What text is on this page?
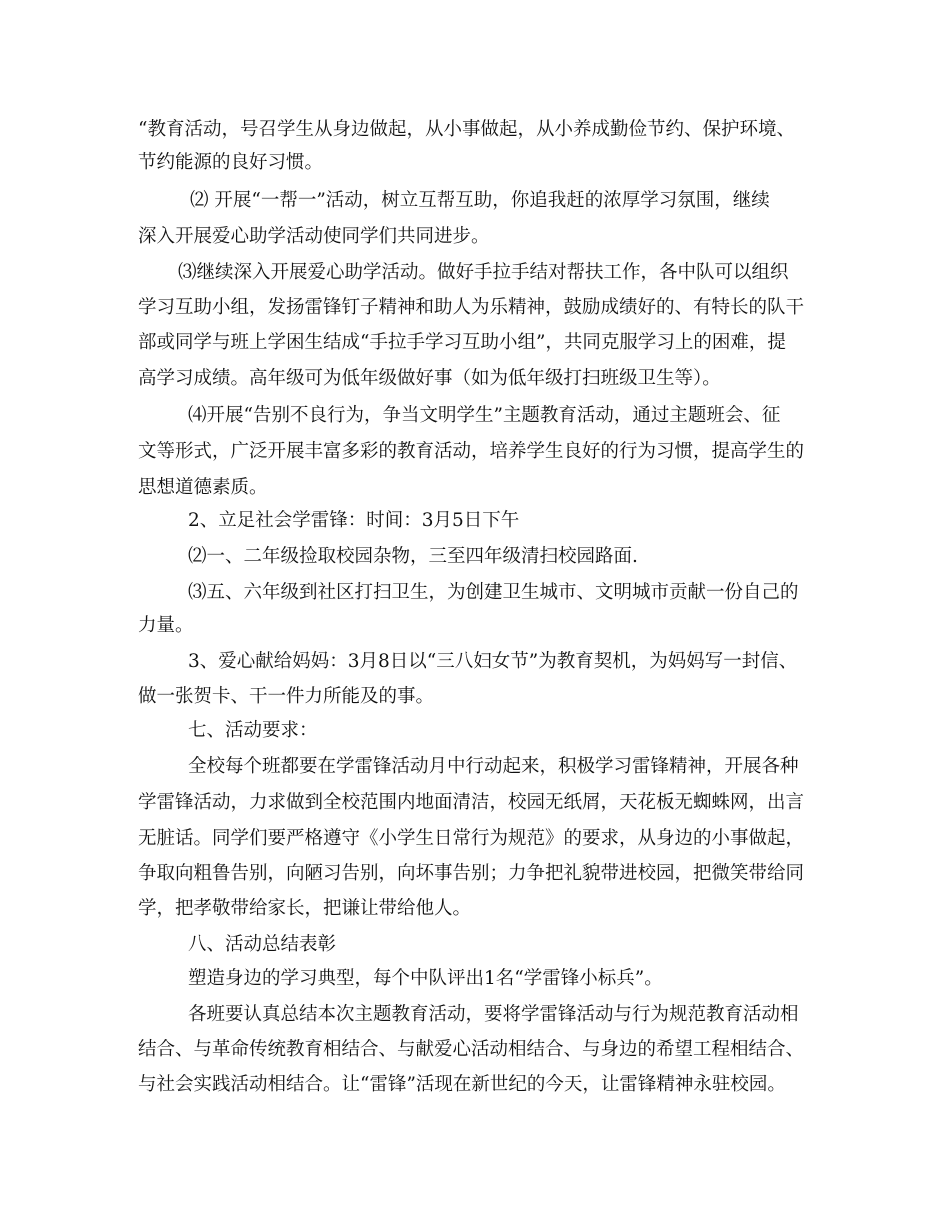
“教育活动，号召学生从身边做起，从小事做起，从小养成勤俭节约、保护环境、
节约能源的良好习惯。
⑵ 开展“一帮一”活动，树立互帮互助，你追我赶的浓厚学习氛围，继续
深入开展爱心助学活动使同学们共同进步。
⑶继续深入开展爱心助学活动。做好手拉手结对帮扶工作，各中队可以组织
学习互助小组，发扬雷锋钉子精神和助人为乐精神，鼓励成绩好的、有特长的队干
部或同学与班上学困生结成“手拉手学习互助小组”，共同克服学习上的困难，提
高学习成绩。高年级可为低年级做好事（如为低年级打扫班级卫生等）。
⑷开展“告别不良行为，争当文明学生”主题教育活动，通过主题班会、征
文等形式，广泛开展丰富多彩的教育活动，培养学生良好的行为习惯，提高学生的
思想道德素质。
2、立足社会学雷锋：时间：3月5日下午
⑵一、二年级捡取校园杂物，三至四年级清扫校园路面.
⑶五、六年级到社区打扫卫生，为创建卫生城市、文明城市贡献一份自己的
力量。
3、爱心献给妈妈：3月8日以“三八妇女节”为教育契机，为妈妈写一封信、
做一张贺卡、干一件力所能及的事。
七、活动要求：
全校每个班都要在学雷锋活动月中行动起来，积极学习雷锋精神，开展各种
学雷锋活动，力求做到全校范围内地面清洁，校园无纸屑，天花板无蜘蛛网，出言
无脏话。同学们要严格遵守《小学生日常行为规范》的要求，从身边的小事做起，
争取向粗鲁告别，向陋习告别，向坏事告别；力争把礼貌带进校园，把微笑带给同
学，把孝敬带给家长，把谦让带给他人。
八、活动总结表彰
塑造身边的学习典型，每个中队评出1名“学雷锋小标兵”。
各班要认真总结本次主题教育活动，要将学雷锋活动与行为规范教育活动相
结合、与革命传统教育相结合、与献爱心活动相结合、与身边的希望工程相结合、
与社会实践活动相结合。让“雷锋”活现在新世纪的今天，让雷锋精神永驻校园。
